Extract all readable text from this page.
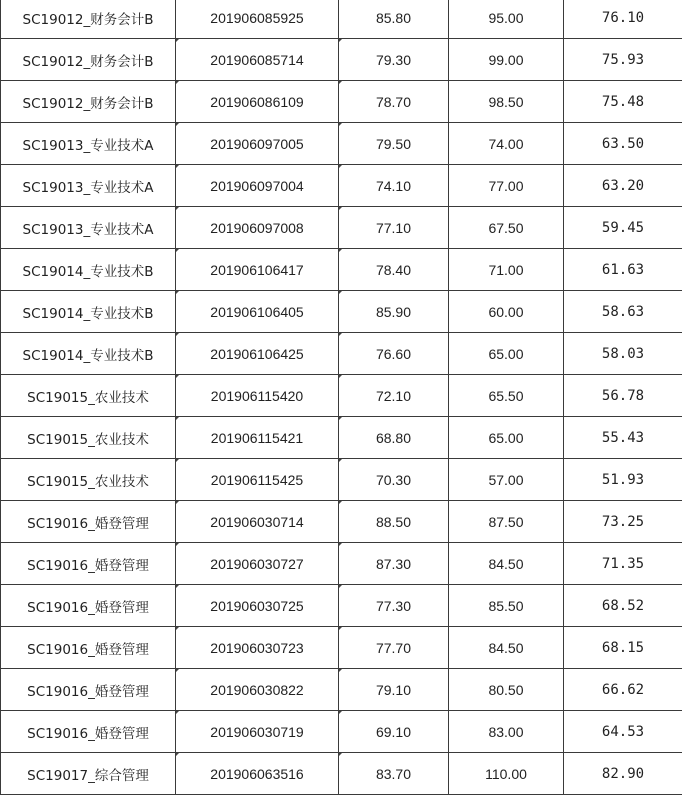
SC19012_财务会计B	201906085925	85.80	95.00	76.10
SC19012_财务会计B	201906085714	79.30	99.00	75.93
SC19012_财务会计B	201906086109	78.70	98.50	75.48
SC19013_专业技术A	201906097005	79.50	74.00	63.50
SC19013_专业技术A	201906097004	74.10	77.00	63.20
SC19013_专业技术A	201906097008	77.10	67.50	59.45
SC19014_专业技术B	201906106417	78.40	71.00	61.63
SC19014_专业技术B	201906106405	85.90	60.00	58.63
SC19014_专业技术B	201906106425	76.60	65.00	58.03
SC19015_农业技术	201906115420	72.10	65.50	56.78
SC19015_农业技术	201906115421	68.80	65.00	55.43
SC19015_农业技术	201906115425	70.30	57.00	51.93
SC19016_婚登管理	201906030714	88.50	87.50	73.25
SC19016_婚登管理	201906030727	87.30	84.50	71.35
SC19016_婚登管理	201906030725	77.30	85.50	68.52
SC19016_婚登管理	201906030723	77.70	84.50	68.15
SC19016_婚登管理	201906030822	79.10	80.50	66.62
SC19016_婚登管理	201906030719	69.10	83.00	64.53
SC19017_综合管理	201906063516	83.70	110.00	82.90
